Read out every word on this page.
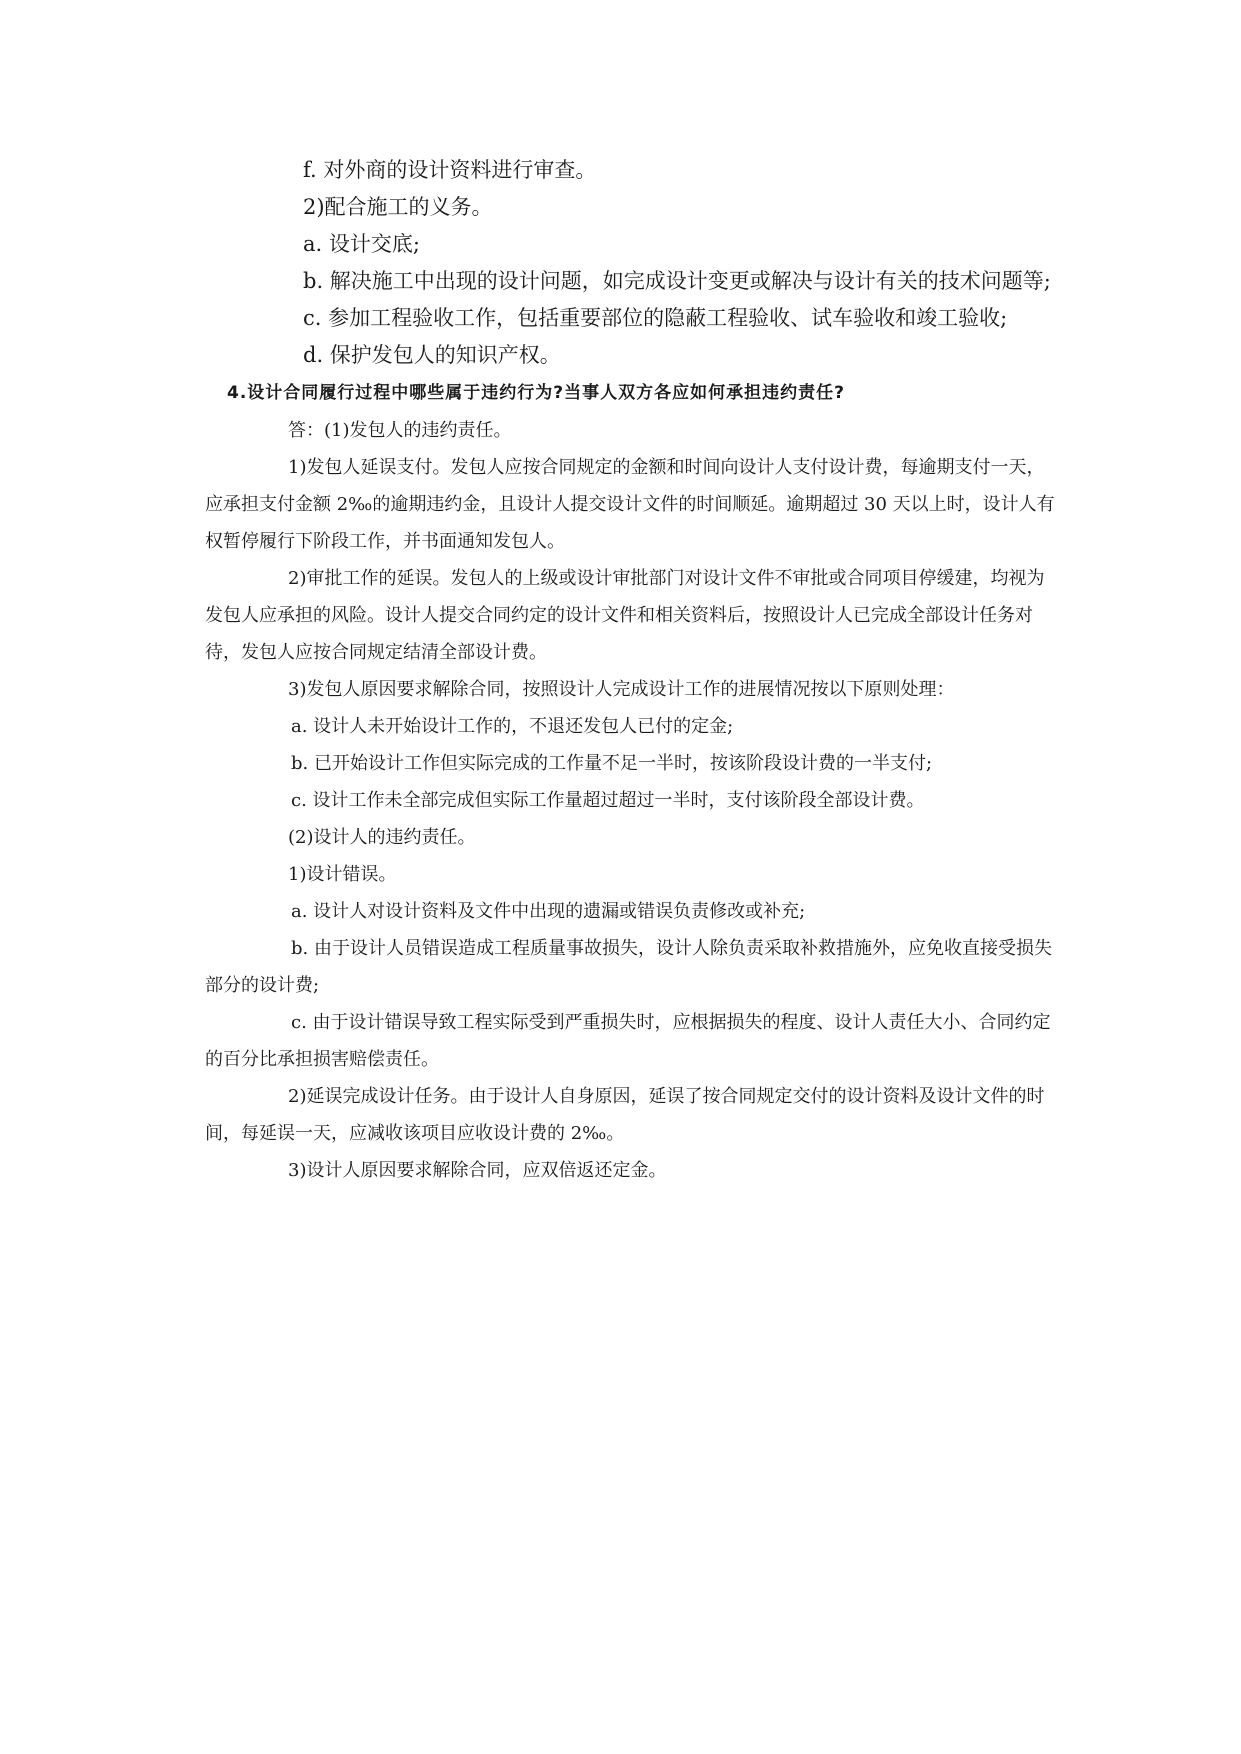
f. 对外商的设计资料进行审查。

2)配合施工的义务。

a. 设计交底;

b. 解决施工中出现的设计问题，如完成设计变更或解决与设计有关的技术问题等;

c. 参加工程验收工作，包括重要部位的隐蔽工程验收、试车验收和竣工验收;

d. 保护发包人的知识产权。

4.设计合同履行过程中哪些属于违约行为?当事人双方各应如何承担违约责任?

答：(1)发包人的违约责任。

1)发包人延误支付。发包人应按合同规定的金额和时间向设计人支付设计费，每逾期支付一天，应承担支付金额 2‰的逾期违约金，且设计人提交设计文件的时间顺延。逾期超过 30 天以上时，设计人有权暂停履行下阶段工作，并书面通知发包人。

2)审批工作的延误。发包人的上级或设计审批部门对设计文件不审批或合同项目停缓建，均视为发包人应承担的风险。设计人提交合同约定的设计文件和相关资料后，按照设计人已完成全部设计任务对待，发包人应按合同规定结清全部设计费。

3)发包人原因要求解除合同，按照设计人完成设计工作的进展情况按以下原则处理：

a. 设计人未开始设计工作的，不退还发包人已付的定金;

b. 已开始设计工作但实际完成的工作量不足一半时，按该阶段设计费的一半支付;

c. 设计工作未全部完成但实际工作量超过超过一半时，支付该阶段全部设计费。

(2)设计人的违约责任。

1)设计错误。

a. 设计人对设计资料及文件中出现的遗漏或错误负责修改或补充;

b. 由于设计人员错误造成工程质量事故损失，设计人除负责采取补救措施外，应免收直接受损失部分的设计费;

c. 由于设计错误导致工程实际受到严重损失时，应根据损失的程度、设计人责任大小、合同约定的百分比承担损害赔偿责任。

2)延误完成设计任务。由于设计人自身原因，延误了按合同规定交付的设计资料及设计文件的时间，每延误一天，应减收该项目应收设计费的 2‰。

3)设计人原因要求解除合同，应双倍返还定金。
